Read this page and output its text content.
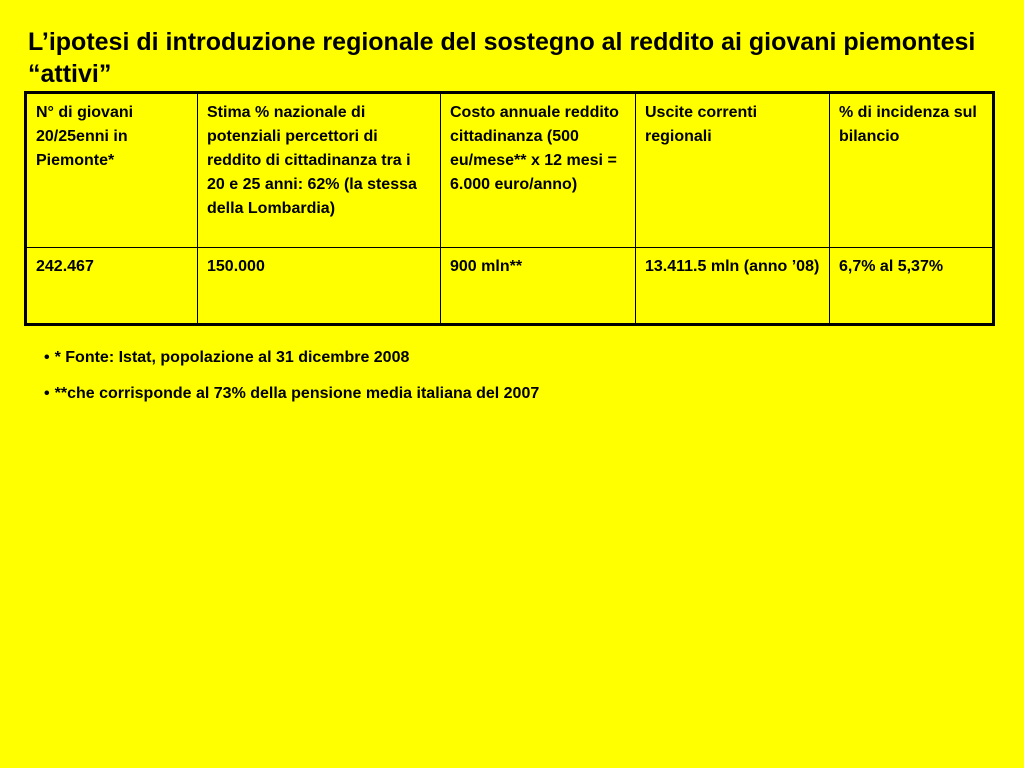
L’ipotesi di introduzione regionale del sostegno al reddito ai giovani piemontesi “attivi”
N° di giovani 20/25enni in Piemonte*	Stima % nazionale di potenziali percettori di reddito di cittadinanza tra i 20 e 25 anni: 62% (la stessa della Lombardia)	Costo annuale reddito cittadinanza (500 eu/mese** x 12 mesi = 6.000 euro/anno)	Uscite correnti regionali	% di incidenza sul bilancio
242.467	150.000	900 mln**	13.411.5 mln (anno ’08)	6,7% al 5,37%
• * Fonte: Istat, popolazione al 31 dicembre 2008
• **che corrisponde al 73% della pensione media italiana del 2007
